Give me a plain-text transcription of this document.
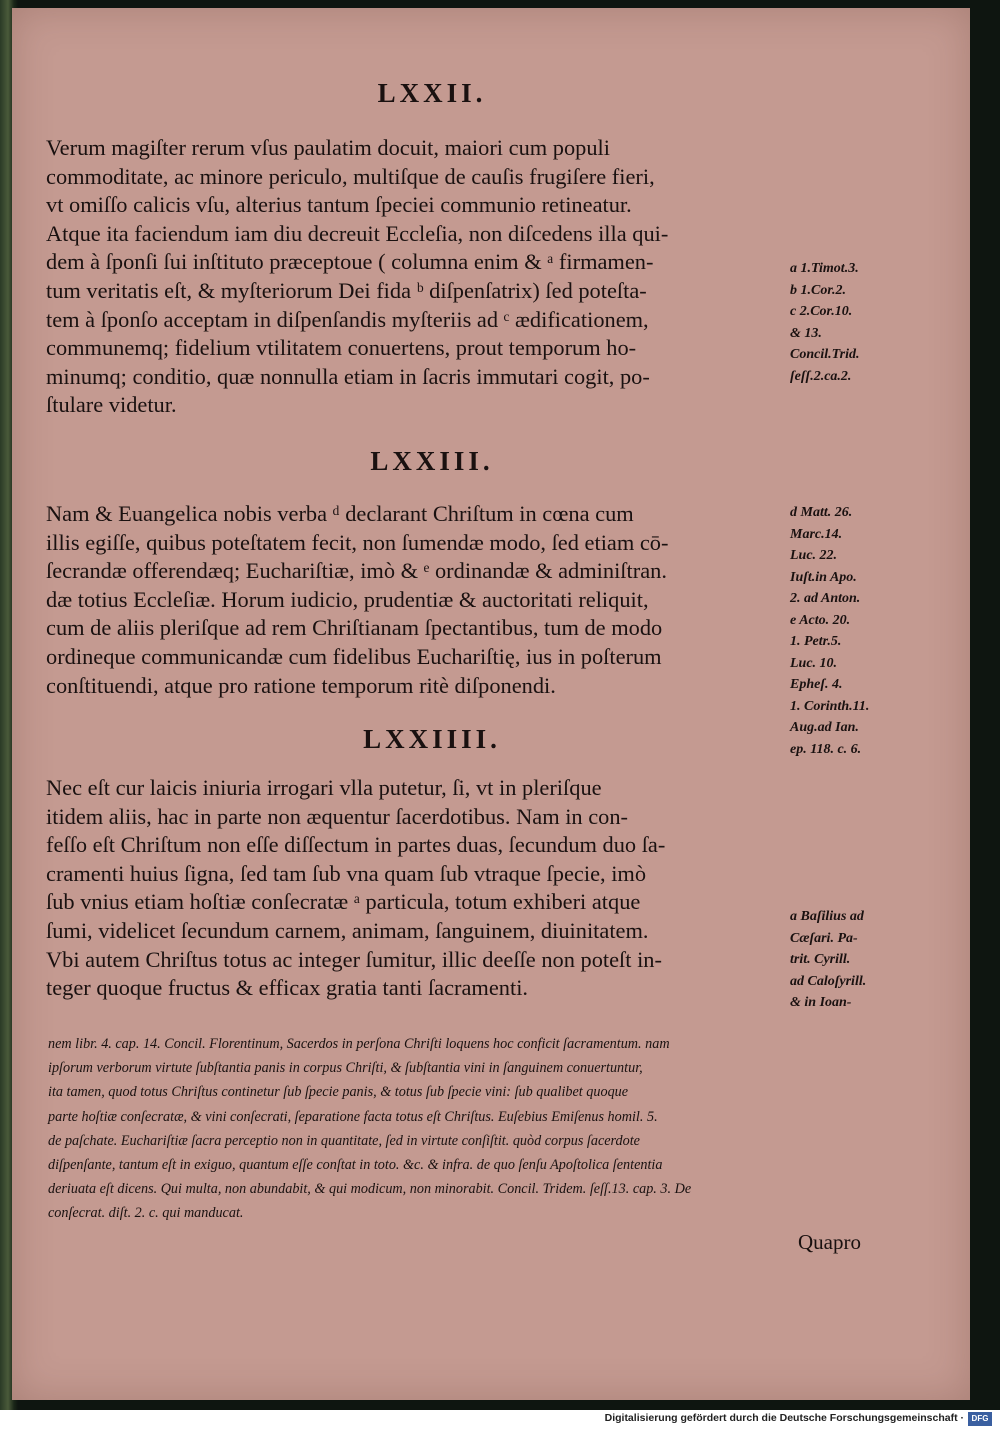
LXXII.

Verum magiſter rerum vſus paulatim docuit, maiori cum populi
commoditate, ac minore periculo, multiſque de cauſis frugiſere fieri,
vt omiſſo calicis vſu, alterius tantum ſpeciei communio retineatur.
Atque ita faciendum iam diu decreuit Eccleſia, non diſcedens illa qui-
dem à ſponſi ſui inſtituto præceptoue ( columna enim & ᵃ firmamen-
tum veritatis eſt, & myſteriorum Dei fida ᵇ diſpenſatrix) ſed poteſta-
tem à ſponſo acceptam in diſpenſandis myſteriis ad ᶜ ædificationem,
communemq; fidelium vtilitatem conuertens, prout temporum ho-
minumq; conditio, quæ nonnulla etiam in ſacris immutari cogit, po-
ſtulare videtur.

a 1.Timot.3.
b 1.Cor.2.
c 2.Cor.10.
& 13.
Concil.Trid.
ſeſſ.2.ca.2.
LXXIII.

Nam & Euangelica nobis verba ᵈ declarant Chriſtum in cœna cum
illis egiſſe, quibus poteſtatem fecit, non ſumendæ modo, ſed etiam cō-
ſecrandæ offerendæq; Euchariſtiæ, imò & ᵉ ordinandæ & adminiſtran.
dæ totius Eccleſiæ. Horum iudicio, prudentiæ & auctoritati reliquit,
cum de aliis pleriſque ad rem Chriſtianam ſpectantibus, tum de modo
ordineque communicandæ cum fidelibus Euchariſtię, ius in poſterum
conſtituendi, atque pro ratione temporum ritè diſponendi.

d Matt. 26.
Marc.14.
Luc. 22.
Iuſt.in Apo.
2. ad Anton.
e Acto. 20.
1. Petr.5.
Luc. 10.
Epheſ. 4.
1. Corinth.11.
Aug.ad Ian.
ep. 118. c. 6.
LXXIIII.

Nec eſt cur laicis iniuria irrogari vlla putetur, ſi, vt in pleriſque
itidem aliis, hac in parte non æquentur ſacerdotibus. Nam in con-
feſſo eſt Chriſtum non eſſe diſſectum in partes duas, ſecundum duo ſa-
cramenti huius ſigna, ſed tam ſub vna quam ſub vtraque ſpecie, imò
ſub vnius etiam hoſtiæ conſecratæ ᵃ particula, totum exhiberi atque
ſumi, videlicet ſecundum carnem, animam, ſanguinem, diuinitatem.
Vbi autem Chriſtus totus ac integer ſumitur, illic deeſſe non poteſt in-
teger quoque fructus & efficax gratia tanti ſacramenti.

a Baſilius ad
Cæſari. Pa-
trit. Cyrill.
ad Caloſyrill.
& in Ioan-

nem libr. 4. cap. 14. Concil. Florentinum, Sacerdos in perſona Chriſti loquens hoc conficit ſacramentum. nam
ipſorum verborum virtute ſubſtantia panis in corpus Chriſti, & ſubſtantia vini in ſanguinem conuertuntur,
ita tamen, quod totus Chriſtus continetur ſub ſpecie panis, & totus ſub ſpecie vini: ſub qualibet quoque
parte hoſtiæ conſecratæ, & vini conſecrati, ſeparatione facta totus eſt Chriſtus. Euſebius Emiſenus homil. 5.
de paſchate. Euchariſtiæ ſacra perceptio non in quantitate, ſed in virtute conſiſtit. quòd corpus ſacerdote
diſpenſante, tantum eſt in exiguo, quantum eſſe conſtat in toto. &c. & infra. de quo ſenſu Apoſtolica ſententia
deriuata eſt dicens. Qui multa, non abundabit, & qui modicum, non minorabit. Concil. Tridem. ſeſſ.13. cap. 3. De
conſecrat. diſt. 2. c. qui manducat.

Quapro

Digitalisierung gefördert durch die Deutsche Forschungsgemeinschaft · DFG
